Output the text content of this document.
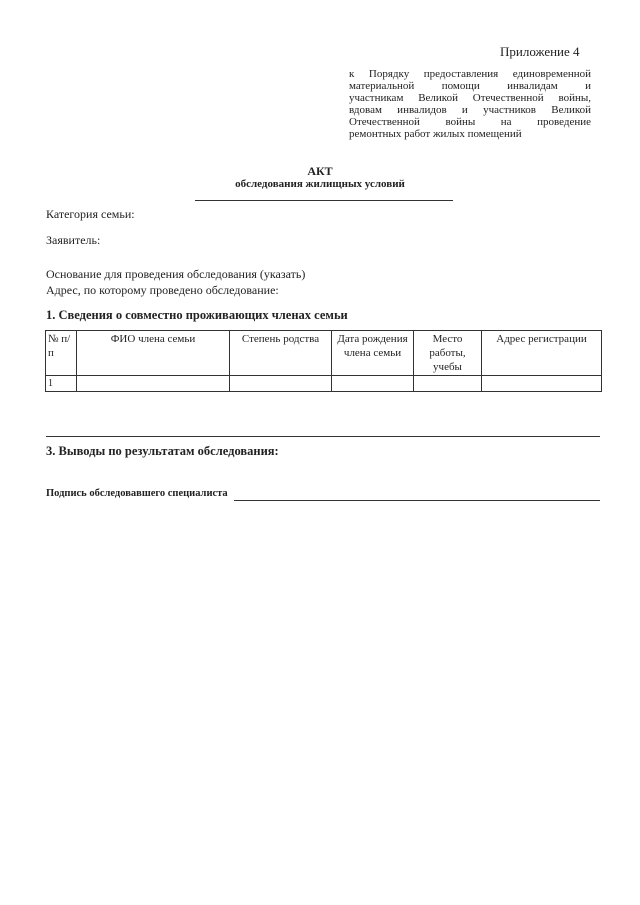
Приложение 4
к Порядку предоставления единовременной
материальной помощи инвалидам и
участникам Великой Отечественной войны,
вдовам инвалидов и участников Великой
Отечественной войны на проведение
ремонтных работ жилых помещений
АКТ
обследования жилищных условий
Категория семьи:
Заявитель:
Основание для проведения обследования (указать)
Адрес, по которому проведено обследование:
1. Сведения о совместно проживающих членах семьи
№ п/п	ФИО члена семьи	Степень родства	Дата рождения члена семьи	Место работы, учебы	Адрес регистрации
1					
3. Выводы по результатам обследования:
Подпись обследовавшего специалиста
